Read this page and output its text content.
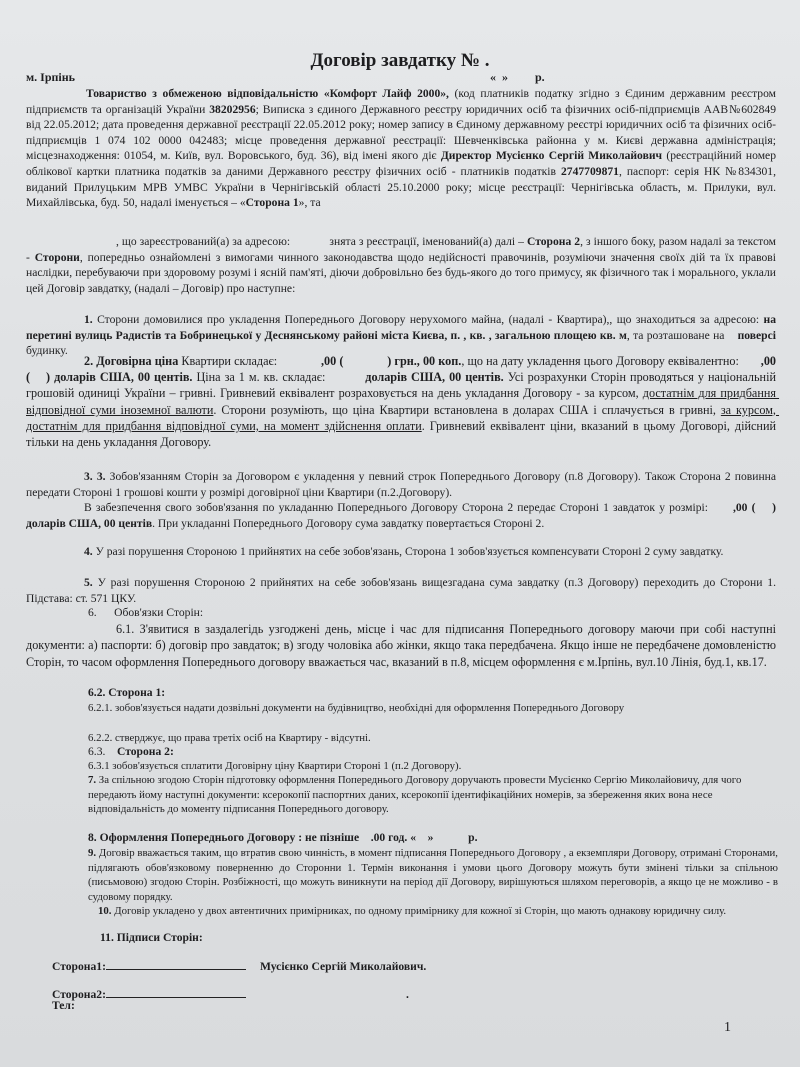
Договір завдатку № .
м. Ірпінь	«  »         р.
Товариство з обмеженою відповідальністю «Комфорт Лайф 2000», (код платників податку згідно з Єдиним державним реєстром підприємств та організацій України 38202956; Виписка з єдиного Державного реєстру юридичних осіб та фізичних осіб-підприємців ААВ№602849 від 22.05.2012; дата проведення державної реєстрації 22.05.2012 року; номер запису в Єдиному державному реєстрі юридичних осіб та фізичних осіб-підприємців 1 074 102 0000 042483; місце проведення державної реєстрації: Шевченківська районна у м. Києві державна адміністрація; місцезнаходження: 01054, м. Київ, вул. Воровського, буд. 36), від імені якого діє Директор Мусієнко Сергій Миколайович (реєстраційний номер облікової картки платника податків за даними Державного реєстру фізичних осіб - платників податків 2747709871, паспорт: серія НК №834301, виданий Прилуцьким МРВ УМВС України в Чернігівській області 25.10.2000 року; місце реєстрації: Чернігівська область, м. Прилуки, вул. Михайлівська, буд. 50, надалі іменується – «Сторона 1», та
, що зареєстрований(а) за адресою:             знята з реєстрації, іменований(а) далі – Сторона 2, з іншого боку, разом надалі за текстом - Сторони, попередньо ознайомлені з вимогами чинного законодавства щодо недійсності правочинів, розуміючи значення своїх дій та їх правові наслідки, перебуваючи при здоровому розумі і ясній пам'яті, діючи добровільно без будь-якого до того примусу, як фізичного так і морального, уклали цей Договір завдатку, (надалі – Договір) про наступне:
1. Сторони домовилися про укладення Попереднього Договору нерухомого майна, (надалі - Квартира),, що знаходиться за адресою: на перетині вулиць Радистів та Бобринецької у Деснянському районі міста Києва, п. , кв. , загальною площею кв. м, та розташоване на    поверсі будинку.
2. Договірна ціна Квартири складає:              ,00 (	) грн., 00 коп., що на дату укладення цього Договору еквівалентно:       ,00 (    ) доларів США, 00 центів. Ціна за 1 м. кв. складає:          доларів США, 00 центів. Усі розрахунки Сторін проводяться у національній грошовій одиниці України – гривні. Гривневий еквівалент розраховується на день укладання Договору - за курсом, достатнім для придбання відповідної суми іноземної валюти. Сторони розуміють, що ціна Квартири встановлена в доларах США і сплачується в гривні, за курсом, достатнім для придбання відповідної суми, на момент здійснення оплати. Гривневий еквівалент ціни, вказаний в цьому Договорі, дійсний тільки на день укладання Договору.
3. 3. Зобов'язанням Сторін за Договором є укладення у певний строк Попереднього Договору (п.8 Договору). Також Сторона 2 повинна передати Стороні 1 грошові кошти у розмірі договірної ціни Квартири (п.2.Договору).
В забезпечення свого зобов'язання по укладанню Попереднього Договору Сторона 2 передає Стороні 1 завдаток у розмірі:      ,00 (    ) доларів США, 00 центів. При укладанні Попереднього Договору сума завдатку повертається Стороні 2.
4. У разі порушення Стороною 1 прийнятих на себе зобов'язань, Сторона 1 зобов'язується компенсувати Стороні 2 суму завдатку.
5. У разі порушення Стороною 2 прийнятих на себе зобов'язань вищезгадана сума завдатку (п.3 Договору) переходить до Сторони 1. Підстава: ст. 571 ЦКУ.
6.      Обов'язки Сторін:
6.1. З'явитися в заздалегідь узгоджені день, місце і час для підписання Попереднього договору маючи при собі наступні документи: а) паспорти: б) договір про завдаток; в) згоду чоловіка або жінки, якщо така передбачена. Якщо інше не передбачене домовленістю Сторін, то часом оформлення Попереднього договору вважається час, вказаний в п.8, місцем оформлення є м.Ірпінь, вул.10 Лінія, буд.1, кв.17.
6.2. Сторона 1:
6.2.1. зобов'язується надати дозвільні документи на будівництво, необхідні для оформлення Попереднього Договору
6.2.2. стверджує, що права третіх осіб на Квартиру - відсутні.
6.3. Сторона 2:
6.3.1 зобов'язується сплатити Договірну ціну Квартири Стороні 1 (п.2 Договору).
7. За спільною згодою Сторін підготовку оформлення Попереднього Договору доручають провести Мусієнко Сергію Миколайовичу, для чого передають йому наступні документи: ксерокопії паспортних даних, ксерокопії ідентифікаційних номерів, за збереження яких вона несе відповідальність до моменту підписання Попереднього договору.
8. Оформлення Попереднього Договору : не пізніше    .00 год. «    »            р.
9. Договір вважається таким, що втратив свою чинність, в момент підписання Попереднього Договору , а екземпляри Договору, отримані Сторонами, підлягають обов'язковому поверненню до Сторонни 1. Термін виконання і умови цього Договору можуть бути змінені тільки за спільною (письмовою) згодою Сторін. Розбіжності, що можуть виникнути на період дії Договору, вирішуються шляхом переговорів, а якщо це не можливо - в судовому порядку.
10. Договір укладено у двох автентичних примірниках, по одному примірнику для кожної зі Сторін, що мають однакову юридичну силу.
11. Підписи Сторін:
Сторона1:	Мусієнко Сергій Миколайович.
Сторона2:	.
Тел:
1
